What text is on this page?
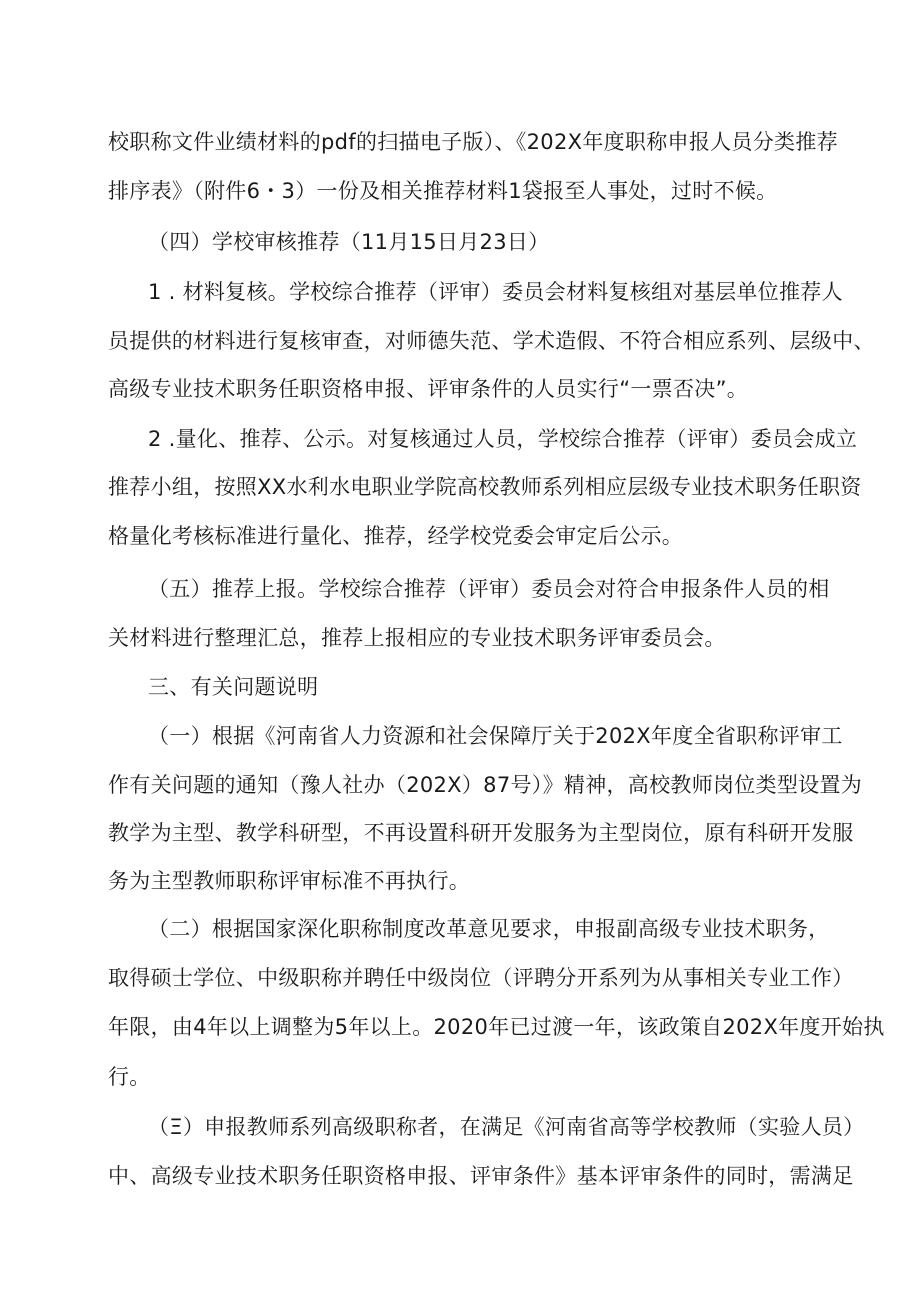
校职称文件业绩材料的pdf的扫描电子版）、《202X年度职称申报人员分类推荐
排序表》（附件6・3）一份及相关推荐材料1袋报至人事处，过时不候。
（四）学校审核推荐（11月15日月23日）
1 . 材料复核。学校综合推荐（评审）委员会材料复核组对基层单位推荐人
员提供的材料进行复核审查，对师德失范、学术造假、不符合相应系列、层级中、
高级专业技术职务任职资格申报、评审条件的人员实行“一票否决”。
2 .量化、推荐、公示。对复核通过人员，学校综合推荐（评审）委员会成立
推荐小组，按照XX水利水电职业学院高校教师系列相应层级专业技术职务任职资
格量化考核标准进行量化、推荐，经学校党委会审定后公示。
（五）推荐上报。学校综合推荐（评审）委员会对符合申报条件人员的相
关材料进行整理汇总，推荐上报相应的专业技术职务评审委员会。
三、有关问题说明
（一）根据《河南省人力资源和社会保障厅关于202X年度全省职称评审工
作有关问题的通知（豫人社办（202X）87号）》精神，高校教师岗位类型设置为
教学为主型、教学科研型，不再设置科研开发服务为主型岗位，原有科研开发服
务为主型教师职称评审标准不再执行。
（二）根据国家深化职称制度改革意见要求，申报副高级专业技术职务，
取得硕士学位、中级职称并聘任中级岗位（评聘分开系列为从事相关专业工作）
年限，由4年以上调整为5年以上。2020年已过渡一年，该政策自202X年度开始执
行。
（Ξ）申报教师系列高级职称者，在满足《河南省高等学校教师（实验人员）
中、高级专业技术职务任职资格申报、评审条件》基本评审条件的同时，需满足
